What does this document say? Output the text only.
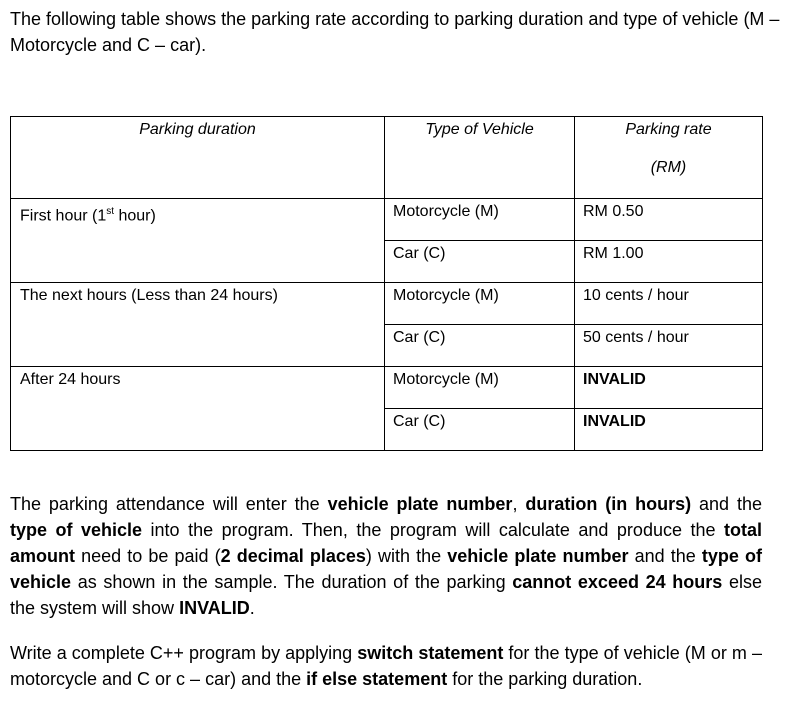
The following table shows the parking rate according to parking duration and type of vehicle (M – Motorcycle and C – car).

Parking duration	Type of Vehicle	Parking rate
(RM)

First hour (1st hour)	Motorcycle (M)	RM 0.50

	Car (C)	RM 1.00

The next hours (Less than 24 hours)	Motorcycle (M)	10 cents / hour

	Car (C)	50 cents / hour

After 24 hours	Motorcycle (M)	INVALID

	Car (C)	INVALID

The parking attendance will enter the vehicle plate number, duration (in hours) and the type of vehicle into the program. Then, the program will calculate and produce the total amount need to be paid (2 decimal places) with the vehicle plate number and the type of vehicle as shown in the sample. The duration of the parking cannot exceed 24 hours else the system will show INVALID.

Write a complete C++ program by applying switch statement for the type of vehicle (M or m – motorcycle and C or c – car) and the if else statement for the parking duration.
